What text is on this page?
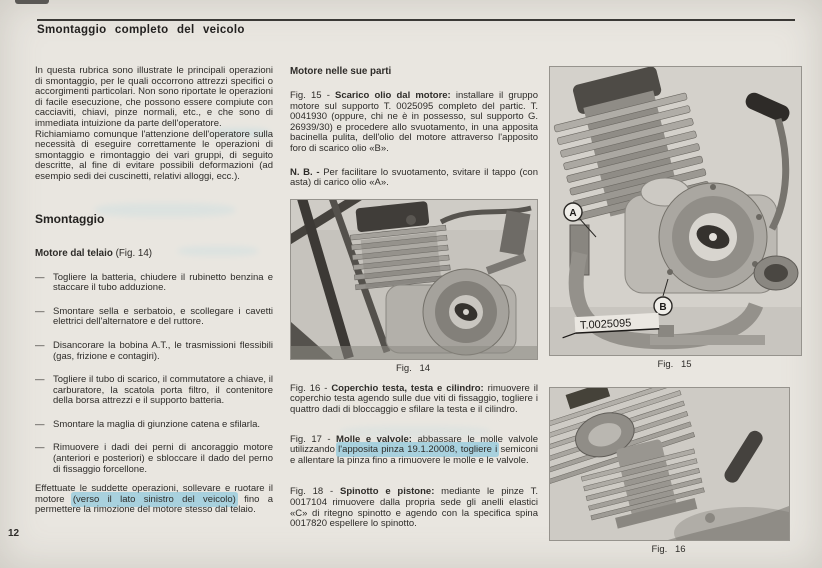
Smontaggio completo del veicolo

In questa rubrica sono illustrate le principali operazioni di smontaggio, per le quali occorrono attrezzi specifici o accorgimenti particolari. Non sono riportate le operazioni di facile esecuzione, che possono essere compiute con cacciaviti, chiavi, pinze normali, etc., e che sono di immediata intuizione da parte dell'operatore.

Richiamiamo comunque l'attenzione dell'operatore sulla necessità di eseguire correttamente le operazioni di smontaggio e rimontaggio dei vari gruppi, di seguito descritte, al fine di evitare possibili deformazioni (ad esempio sedi dei cuscinetti, relativi alloggi, ecc.).

Smontaggio

Motore dal telaio (Fig. 14)

— Togliere la batteria, chiudere il rubinetto benzina e staccare il tubo adduzione.
— Smontare sella e serbatoio, e scollegare i cavetti elettrici dell'alternatore e del ruttore.
— Disancorare la bobina A.T., le trasmissioni flessibili (gas, frizione e contagiri).
— Togliere il tubo di scarico, il commutatore a chiave, il carburatore, la scatola porta filtro, il contenitore della borsa attrezzi e il supporto batteria.
— Smontare la maglia di giunzione catena e sfilarla.
— Rimuovere i dadi dei perni di ancoraggio motore (anteriori e posteriori) e sbloccare il dado del perno di fissaggio forcellone.

Effettuate le suddette operazioni, sollevare e ruotare il motore (verso il lato sinistro del veicolo) fino a permettere la rimozione del motore stesso dal telaio.

12

Motore nelle sue parti

Fig. 15 - Scarico olio dal motore: installare il gruppo motore sul supporto T. 0025095 completo del partic. T. 0041930 (oppure, chi ne è in possesso, sul supporto G. 26939/30) e procedere allo svuotamento, in una apposita bacinella pulita, dell'olio del motore attraverso l'apposito foro di scarico olio «B».

N. B. - Per facilitare lo svuotamento, svitare il tappo (con asta) di carico olio «A».

Fig. 14

Fig. 16 - Coperchio testa, testa e cilindro: rimuovere il coperchio testa agendo sulle due viti di fissaggio, togliere i quattro dadi di bloccaggio e sfilare la testa e il cilindro.

Fig. 17 - Molle e valvole: abbassare le molle valvole utilizzando l'apposita pinza 19.1.20008, togliere i semiconi e allentare la pinza fino a rimuovere le molle e le valvole.

Fig. 18 - Spinotto e pistone: mediante le pinze T. 0017104 rimuovere dalla propria sede gli anelli elastici «C» di ritegno spinotto e agendo con la specifica spina 0017820 espellere lo spinotto.

A
B
T.0025095
Fig. 15
Fig. 16
